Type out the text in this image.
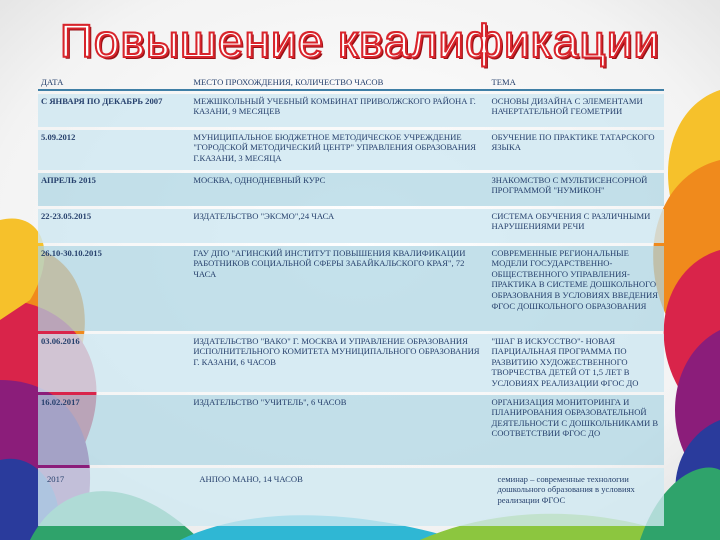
Повышение квалификации
ДАТА	МЕСТО ПРОХОЖДЕНИЯ, КОЛИЧЕСТВО ЧАСОВ	ТЕМА
С ЯНВАРЯ ПО ДЕКАБРЬ 2007	МЕЖШКОЛЬНЫЙ УЧЕБНЫЙ КОМБИНАТ ПРИВОЛЖСКОГО РАЙОНА Г. КАЗАНИ, 9 МЕСЯЦЕВ	ОСНОВЫ ДИЗАЙНА С ЭЛЕМЕНТАМИ НАЧЕРТАТЕЛЬНОЙ ГЕОМЕТРИИ
5.09.2012	МУНИЦИПАЛЬНОЕ БЮДЖЕТНОЕ МЕТОДИЧЕСКОЕ УЧРЕЖДЕНИЕ "ГОРОДСКОЙ МЕТОДИЧЕСКИЙ ЦЕНТР" УПРАВЛЕНИЯ ОБРАЗОВАНИЯ Г.КАЗАНИ, 3 МЕСЯЦА	ОБУЧЕНИЕ ПО ПРАКТИКЕ ТАТАРСКОГО ЯЗЫКА
АПРЕЛЬ 2015	МОСКВА, ОДНОДНЕВНЫЙ КУРС	ЗНАКОМСТВО С МУЛЬТИСЕНСОРНОЙ ПРОГРАММОЙ "НУМИКОН"
22-23.05.2015	ИЗДАТЕЛЬСТВО "ЭКСМО",24 ЧАСА	СИСТЕМА ОБУЧЕНИЯ С РАЗЛИЧНЫМИ НАРУШЕНИЯМИ РЕЧИ
26.10-30.10.2015	ГАУ ДПО "АГИНСКИЙ ИНСТИТУТ ПОВЫШЕНИЯ КВАЛИФИКАЦИИ РАБОТНИКОВ СОЦИАЛЬНОЙ СФЕРЫ ЗАБАЙКАЛЬСКОГО КРАЯ", 72 ЧАСА	СОВРЕМЕННЫЕ РЕГИОНАЛЬНЫЕ МОДЕЛИ ГОСУДАРСТВЕННО-ОБЩЕСТВЕННОГО УПРАВЛЕНИЯ-ПРАКТИКА В СИСТЕМЕ ДОШКОЛЬНОГО ОБРАЗОВАНИЯ В УСЛОВИЯХ ВВЕДЕНИЯ ФГОС ДОШКОЛЬНОГО ОБРАЗОВАНИЯ
03.06.2016	ИЗДАТЕЛЬСТВО "ВАКО" Г. МОСКВА И УПРАВЛЕНИЕ ОБРАЗОВАНИЯ ИСПОЛНИТЕЛЬНОГО КОМИТЕТА МУНИЦИПАЛЬНОГО ОБРАЗОВАНИЯ Г. КАЗАНИ, 6 ЧАСОВ	"ШАГ В ИСКУССТВО"- НОВАЯ ПАРЦИАЛЬНАЯ ПРОГРАММА ПО РАЗВИТИЮ ХУДОЖЕСТВЕННОГО ТВОРЧЕСТВА ДЕТЕЙ ОТ 1,5 ЛЕТ В УСЛОВИЯХ РЕАЛИЗАЦИИ ФГОС ДО
16.02.2017	ИЗДАТЕЛЬСТВО "УЧИТЕЛЬ", 6 ЧАСОВ	ОРГАНИЗАЦИЯ МОНИТОРИНГА И ПЛАНИРОВАНИЯ ОБРАЗОВАТЕЛЬНОЙ ДЕЯТЕЛЬНОСТИ С ДОШКОЛЬНИКАМИ В СООТВЕТСТВИИ ФГОС ДО
2017	АНПОО МАНО, 14 ЧАСОВ	семинар – современные технологии дошкольного образования в условиях реализации ФГОС
